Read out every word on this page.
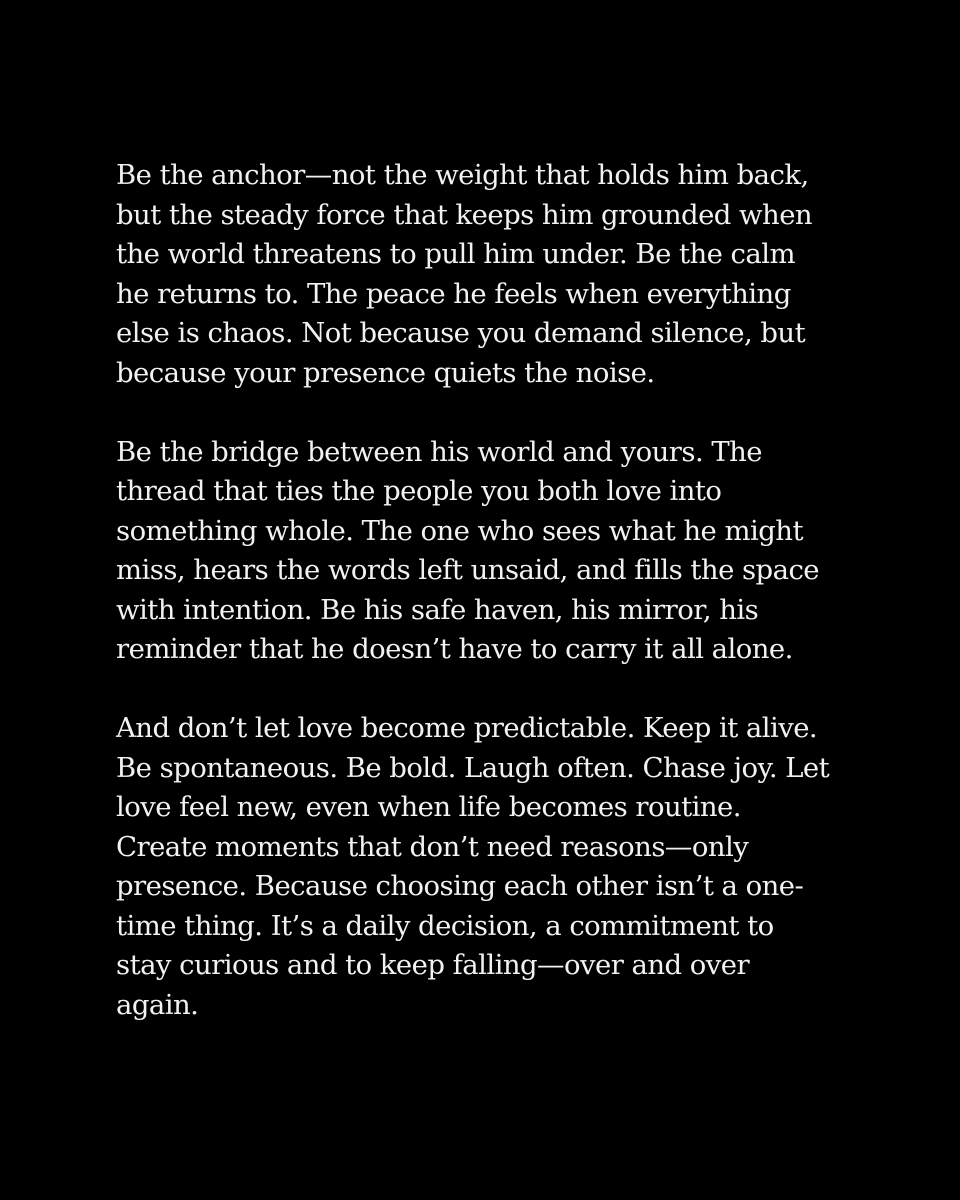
Be the anchor—not the weight that holds him back,
but the steady force that keeps him grounded when
the world threatens to pull him under. Be the calm
he returns to. The peace he feels when everything
else is chaos. Not because you demand silence, but
because your presence quiets the noise.

Be the bridge between his world and yours. The
thread that ties the people you both love into
something whole. The one who sees what he might
miss, hears the words left unsaid, and fills the space
with intention. Be his safe haven, his mirror, his
reminder that he doesn’t have to carry it all alone.

And don’t let love become predictable. Keep it alive.
Be spontaneous. Be bold. Laugh often. Chase joy. Let
love feel new, even when life becomes routine.
Create moments that don’t need reasons—only
presence. Because choosing each other isn’t a one-
time thing. It’s a daily decision, a commitment to
stay curious and to keep falling—over and over
again.
